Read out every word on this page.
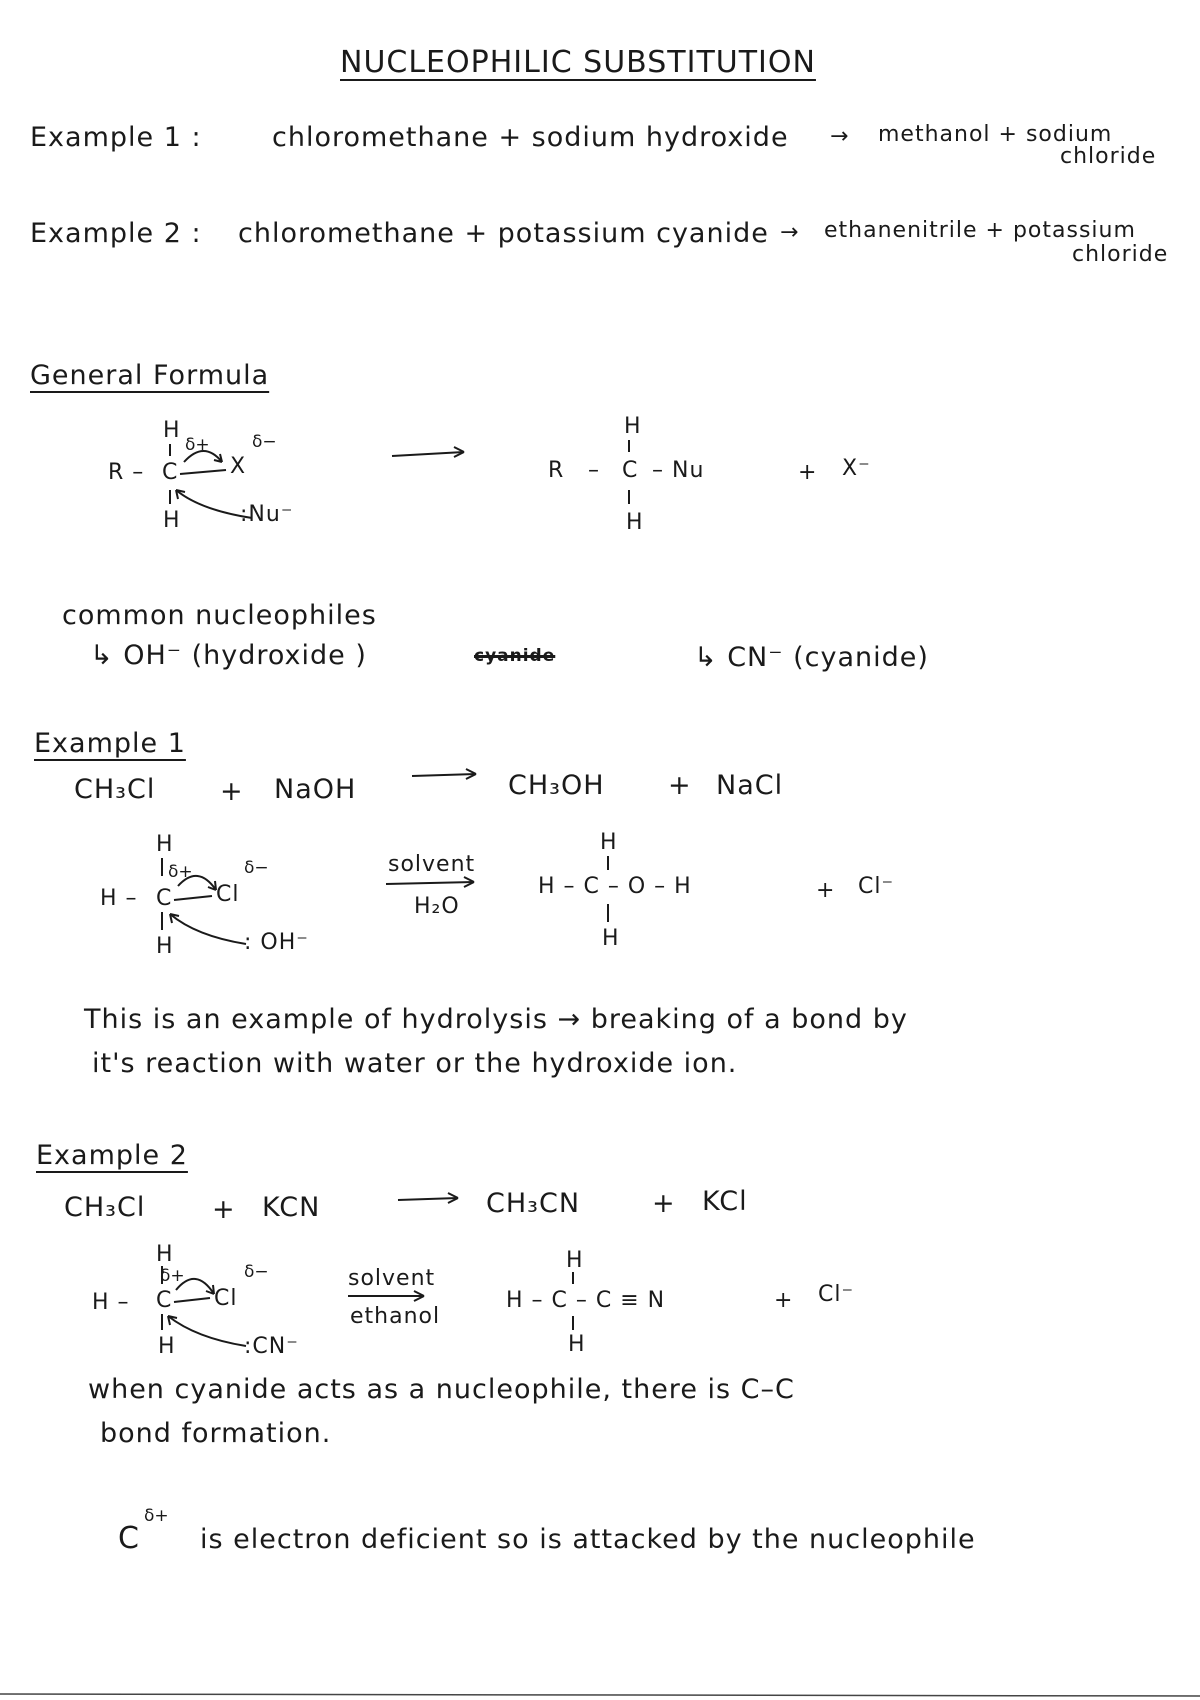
NUCLEOPHILIC SUBSTITUTION
Example 1 :	chloromethane + sodium hydroxide → methanol + sodium
chloride
Example 2 : chloromethane + potassium cyanide → ethanenitrile + potassium
chloride
General Formula
H
δ+ δ−
R – C X
H	:Nu⁻
H
R – C – Nu
H
+ X⁻
common nucleophiles
↳ OH⁻ (hydroxide )	cyanide	↳ CN⁻ (cyanide)
Example 1
CH₃Cl + NaOH	CH₃OH + NaCl
H
δ+	δ−
H – C Cl
H	: OH⁻
solvent
H₂O
H
H – C – O – H
H
+ Cl⁻
This is an example of hydrolysis → breaking of a bond by
it's reaction with water or the hydroxide ion.
Example 2
CH₃Cl + KCN	CH₃CN	+ KCl
H
δ+	δ−
H – C Cl
H	:CN⁻
solvent
ethanol
H
H – C – C ≡ N
H
+ Cl⁻
when cyanide acts as a nucleophile, there is C–C
bond formation.
C
δ+
is electron deficient so is attacked by the nucleophile
